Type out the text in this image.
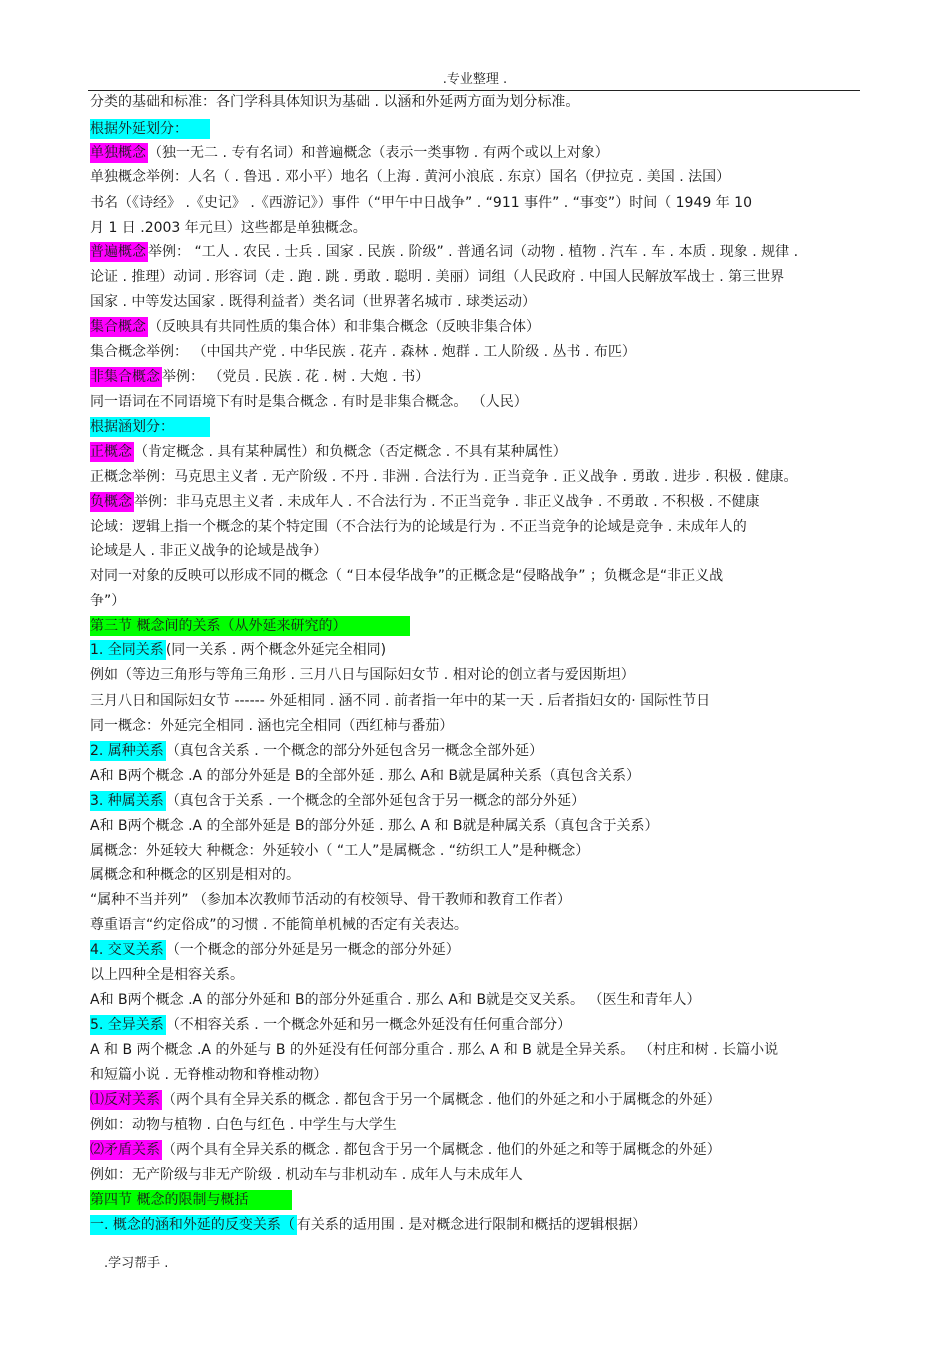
.专业整理 .
分类的基础和标准：各门学科具体知识为基础 . 以涵和外延两方面为划分标准。
根据外延划分：
单独概念 （独一无二 . 专有名词）和普遍概念（表示一类事物 . 有两个或以上对象）
单独概念举例：人名（ . 鲁迅 . 邓小平）地名（上海 . 黄河小浪底 . 东京）国名（伊拉克 . 美国 . 法国）
书名（《诗经》 .《史记》 .《西游记》）事件（“甲午中日战争” . “911 事件” . “事变”）时间（ 1949 年 10
月 1 日 .2003 年元旦）这些都是单独概念。
普遍概念 举例： “工人 . 农民 . 士兵 . 国家 . 民族 . 阶级” . 普通名词（动物 . 植物 . 汽车 . 车 . 本质 . 现象 . 规律 .
论证 . 推理）动词 . 形容词（走 . 跑 . 跳 . 勇敢 . 聪明 . 美丽）词组（人民政府 . 中国人民解放军战士 . 第三世界
国家 . 中等发达国家 . 既得利益者）类名词（世界著名城市 . 球类运动）
集合概念 （反映具有共同性质的集合体）和非集合概念（反映非集合体）
集合概念举例： （中国共产党 . 中华民族 . 花卉 . 森林 . 炮群 . 工人阶级 . 丛书 . 布匹）
非集合概念 举例： （党员 . 民族 . 花 . 树 . 大炮 . 书）
同一语词在不同语境下有时是集合概念 . 有时是非集合概念。 （人民）
根据涵划分：
正概念 （肯定概念 . 具有某种属性）和负概念（否定概念 . 不具有某种属性）
正概念举例：马克思主义者 . 无产阶级 . 不丹 . 非洲 . 合法行为 . 正当竞争 . 正义战争 . 勇敢 . 进步 . 积极 . 健康。
负概念 举例：非马克思主义者 . 未成年人 . 不合法行为 . 不正当竞争 . 非正义战争 . 不勇敢 . 不积极 . 不健康
论域：逻辑上指一个概念的某个特定围（不合法行为的论域是行为 . 不正当竞争的论域是竞争 . 未成年人的
论域是人 . 非正义战争的论域是战争）
对同一对象的反映可以形成不同的概念（ “日本侵华战争”的正概念是“侵略战争” ；负概念是“非正义战
争”）
第三节 概念间的关系（从外延来研究的）
1. 全同关系 (同一关系 . 两个概念外延完全相同)
例如（等边三角形与等角三角形 . 三月八日与国际妇女节 . 相对论的创立者与爱因斯坦）
三月八日和国际妇女节 ------ 外延相同 . 涵不同 . 前者指一年中的某一天 . 后者指妇女的· 国际性节日
同一概念：外延完全相同 . 涵也完全相同（西红柿与番茄）
2. 属种关系 （真包含关系 . 一个概念的部分外延包含另一概念全部外延）
A和 B两个概念 .A 的部分外延是 B的全部外延 . 那么 A和 B就是属种关系（真包含关系）
3. 种属关系 （真包含于关系 . 一个概念的全部外延包含于另一概念的部分外延）
A和 B两个概念 .A 的全部外延是 B的部分外延 . 那么 A 和 B就是种属关系（真包含于关系）
属概念：外延较大 种概念：外延较小（ “工人”是属概念 . “纺织工人”是种概念）
属概念和种概念的区别是相对的。
“属种不当并列” （参加本次教师节活动的有校领导、骨干教师和教育工作者）
尊重语言“约定俗成”的习惯 . 不能简单机械的否定有关表达。
4. 交叉关系 （一个概念的部分外延是另一概念的部分外延）
以上四种全是相容关系。
A和 B两个概念 .A 的部分外延和 B的部分外延重合 . 那么 A和 B就是交叉关系。 （医生和青年人）
5. 全异关系 （不相容关系 . 一个概念外延和另一概念外延没有任何重合部分）
A 和 B 两个概念 .A 的外延与 B 的外延没有任何部分重合 . 那么 A 和 B 就是全异关系。 （村庄和树 . 长篇小说
和短篇小说 . 无脊椎动物和脊椎动物）
⑴反对关系 （两个具有全异关系的概念 . 都包含于另一个属概念 . 他们的外延之和小于属概念的外延）
例如：动物与植物 . 白色与红色 . 中学生与大学生
⑵矛盾关系 （两个具有全异关系的概念 . 都包含于另一个属概念 . 他们的外延之和等于属概念的外延）
例如：无产阶级与非无产阶级 . 机动车与非机动车 . 成年人与未成年人
第四节 概念的限制与概括
一. 概念的涵和外延的反变关系（ 有关系的适用围 . 是对概念进行限制和概括的逻辑根据）
.学习帮手 .
